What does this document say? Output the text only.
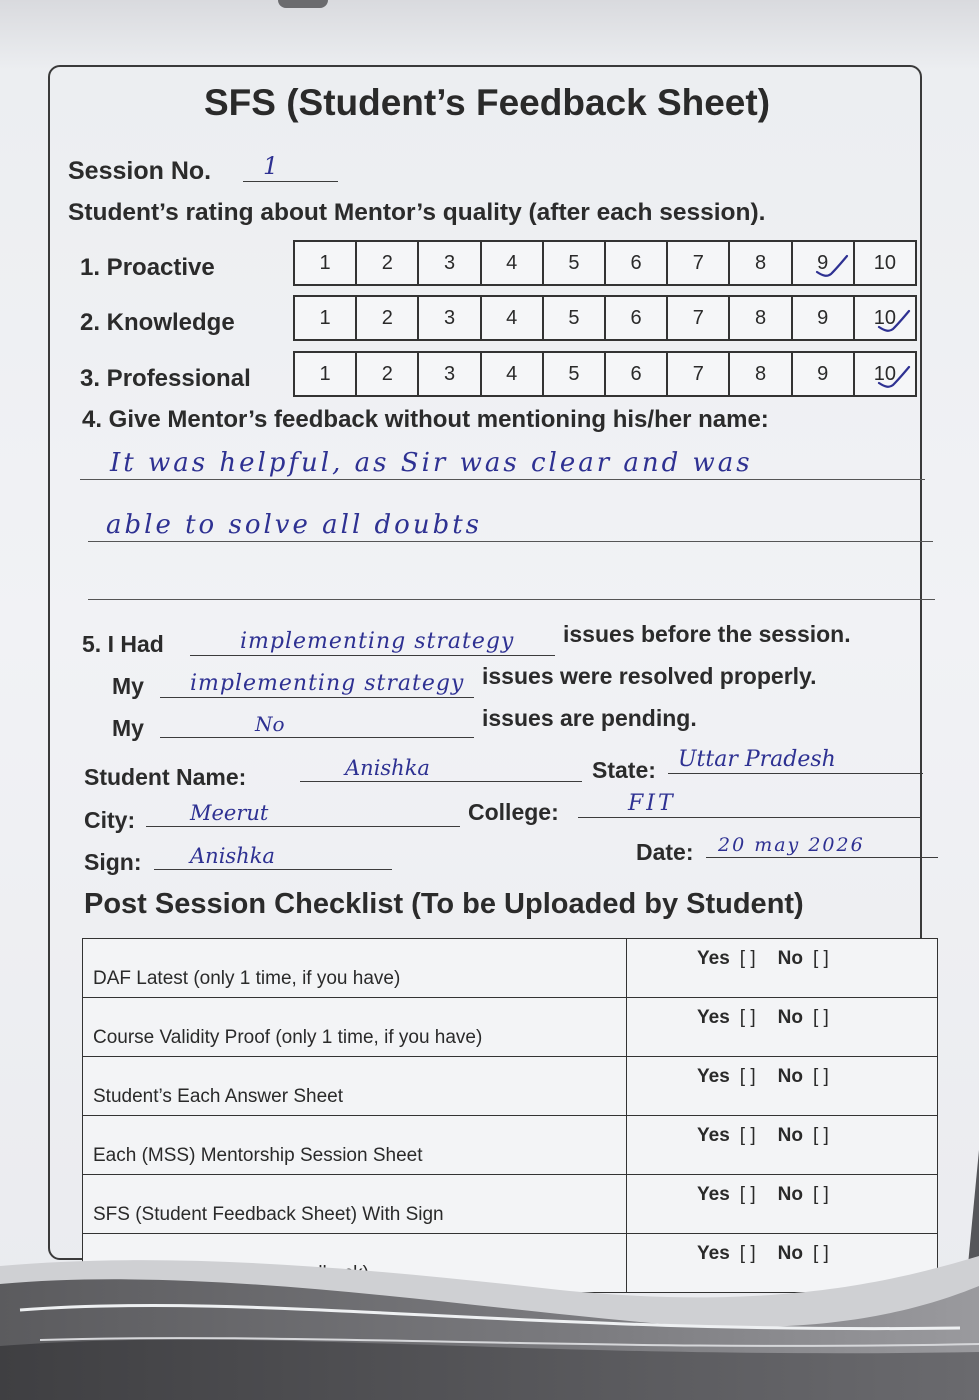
SFS (Student’s Feedback Sheet)
Session No. 1
Student’s rating about Mentor’s quality (after each session).
1. Proactive	1	2	3	4	5	6	7	8	9 10
2. Knowledge	1	2	3	4	5	6	7	8	9 10
3. Professional	1	2	3	4	5	6	7	8	9 10
4. Give Mentor’s feedback without mentioning his/her name:
It was helpful, as Sir was clear and was
able to solve all doubts
5. I Had	implementing strategy issues before the session.
My implementing strategy issues were resolved properly.
My	No	issues are pending.
Student Name:	Anishka	State: Uttar Pradesh
City:	Meerut	College:	FIT
Sign: Anishka	Date: 20 may 2026
Post Session Checklist (To be Uploaded by Student)
DAF Latest (only 1 time, if you have)	Yes [ ] No [ ]
Course Validity Proof (only 1 time, if you have)	Yes [ ] No [ ]
Student’s Each Answer Sheet	Yes [ ] No [ ]
Each (MSS) Mentorship Session Sheet	Yes [ ] No [ ]
SFS (Student Feedback Sheet) With Sign	Yes [ ] No [ ]
	Yes [ ] No [ ]
